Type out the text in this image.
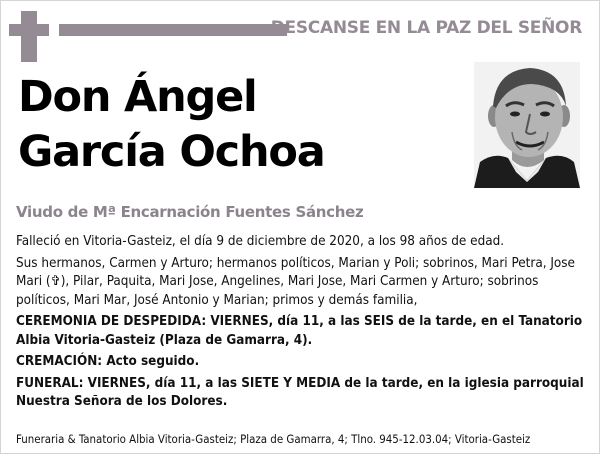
DESCANSE EN LA PAZ DEL SEÑOR
Don Ángel
García Ochoa
Viudo de Mª Encarnación Fuentes Sánchez

Falleció en Vitoria-Gasteiz, el día 9 de diciembre de 2020, a los 98 años de edad.

Sus hermanos, Carmen y Arturo; hermanos políticos, Marian y Poli; sobrinos, Mari Petra, Jose Mari (✞), Pilar, Paquita, Mari Jose, Angelines, Mari Jose, Mari Carmen y Arturo; sobrinos políticos, Mari Mar, José Antonio y Marian; primos y demás familia,

CEREMONIA DE DESPEDIDA: VIERNES, día 11, a las SEIS de la tarde, en el Tanatorio Albia Vitoria-Gasteiz (Plaza de Gamarra, 4).

CREMACIÓN: Acto seguido.

FUNERAL: VIERNES, día 11, a las SIETE Y MEDIA de la tarde, en la iglesia parroquial Nuestra Señora de los Dolores.

Funeraria & Tanatorio Albia Vitoria-Gasteiz; Plaza de Gamarra, 4; Tlno. 945-12.03.04; Vitoria-Gasteiz
